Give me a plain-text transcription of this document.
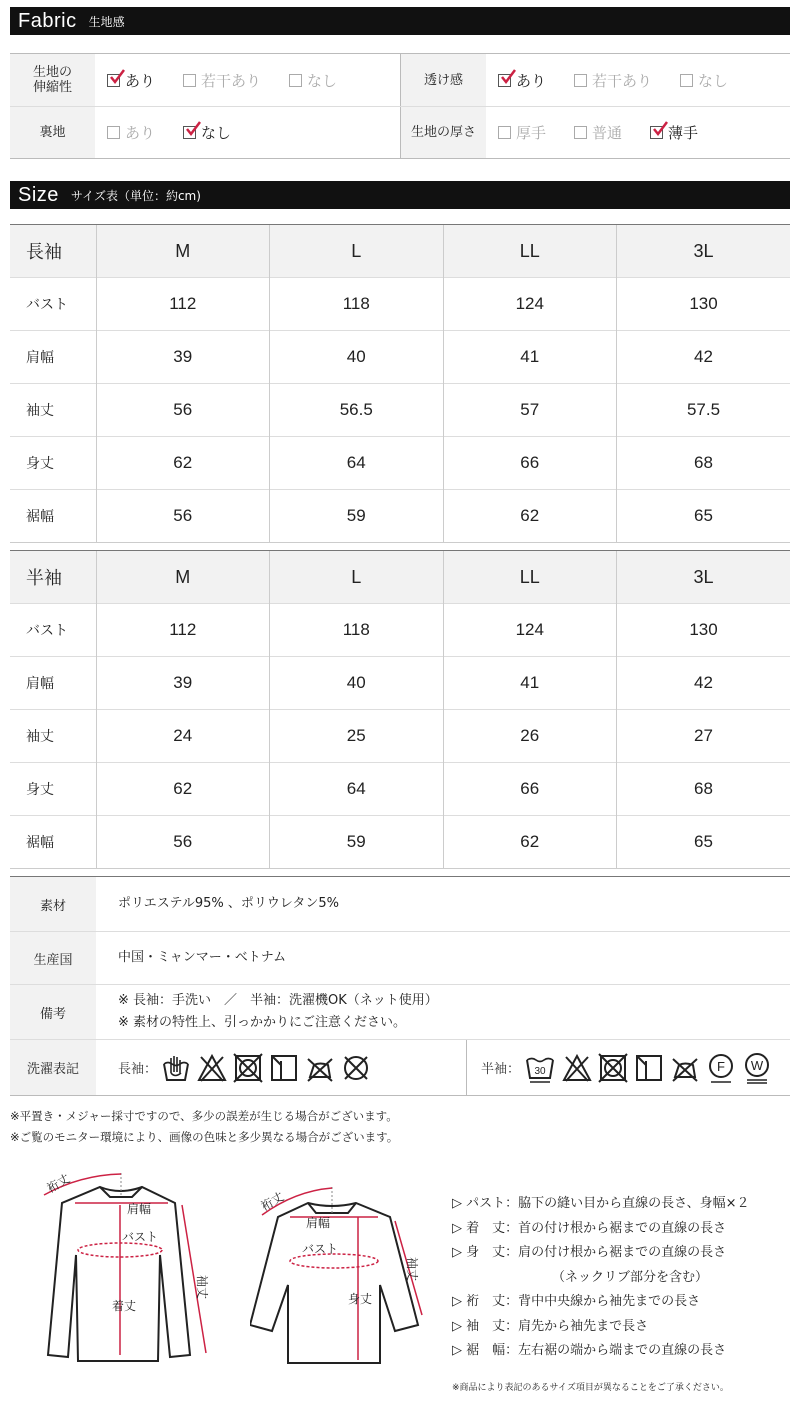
Fabric 生地感
生地の
伸縮性	あり	若干あり	なし	透け感	あり	若干あり	なし
裏地	あり	なし	生地の厚さ	厚手	普通	薄手
Size サイズ表（単位：約cm)
長袖	M	L	LL	3L
バスト	112	118	124	130
肩幅	39	40	41	42
袖丈	56	56.5	57	57.5
身丈	62	64	66	68
裾幅	56	59	62	65
半袖	M	L	LL	3L
バスト	112	118	124	130
肩幅	39	40	41	42
袖丈	24	25	26	27
身丈	62	64	66	68
裾幅	56	59	62	65
素材	ポリエステル95% 、ポリウレタン5%
生産国	中国・ミャンマー・ベトナム
備考
※ 長袖：手洗い　／　半袖：洗濯機OK（ネット使用）
※ 素材の特性上、引っかかりにご注意ください。
洗濯表記	長袖：	半袖： 30	F W
※平置き・メジャー採寸ですので、多少の誤差が生じる場合がございます。
※ご覧のモニター環境により、画像の色味と多少異なる場合がございます。
裄丈
肩幅
バスト
着丈
袖丈
裄丈
肩幅
バスト
身丈
袖丈
▷ パスト：脇下の縫い目から直線の長さ、身幅×２
▷ 着　丈：首の付け根から裾までの直線の長さ
▷ 身　丈：肩の付け根から裾までの直線の長さ
（ネックリブ部分を含む）
▷ 裄　丈：背中中央線から袖先までの長さ
▷ 袖　丈：肩先から袖先まで長さ
▷ 裾　幅：左右裾の端から端までの直線の長さ
※商品により表記のあるサイズ項目が異なることをご了承ください。
